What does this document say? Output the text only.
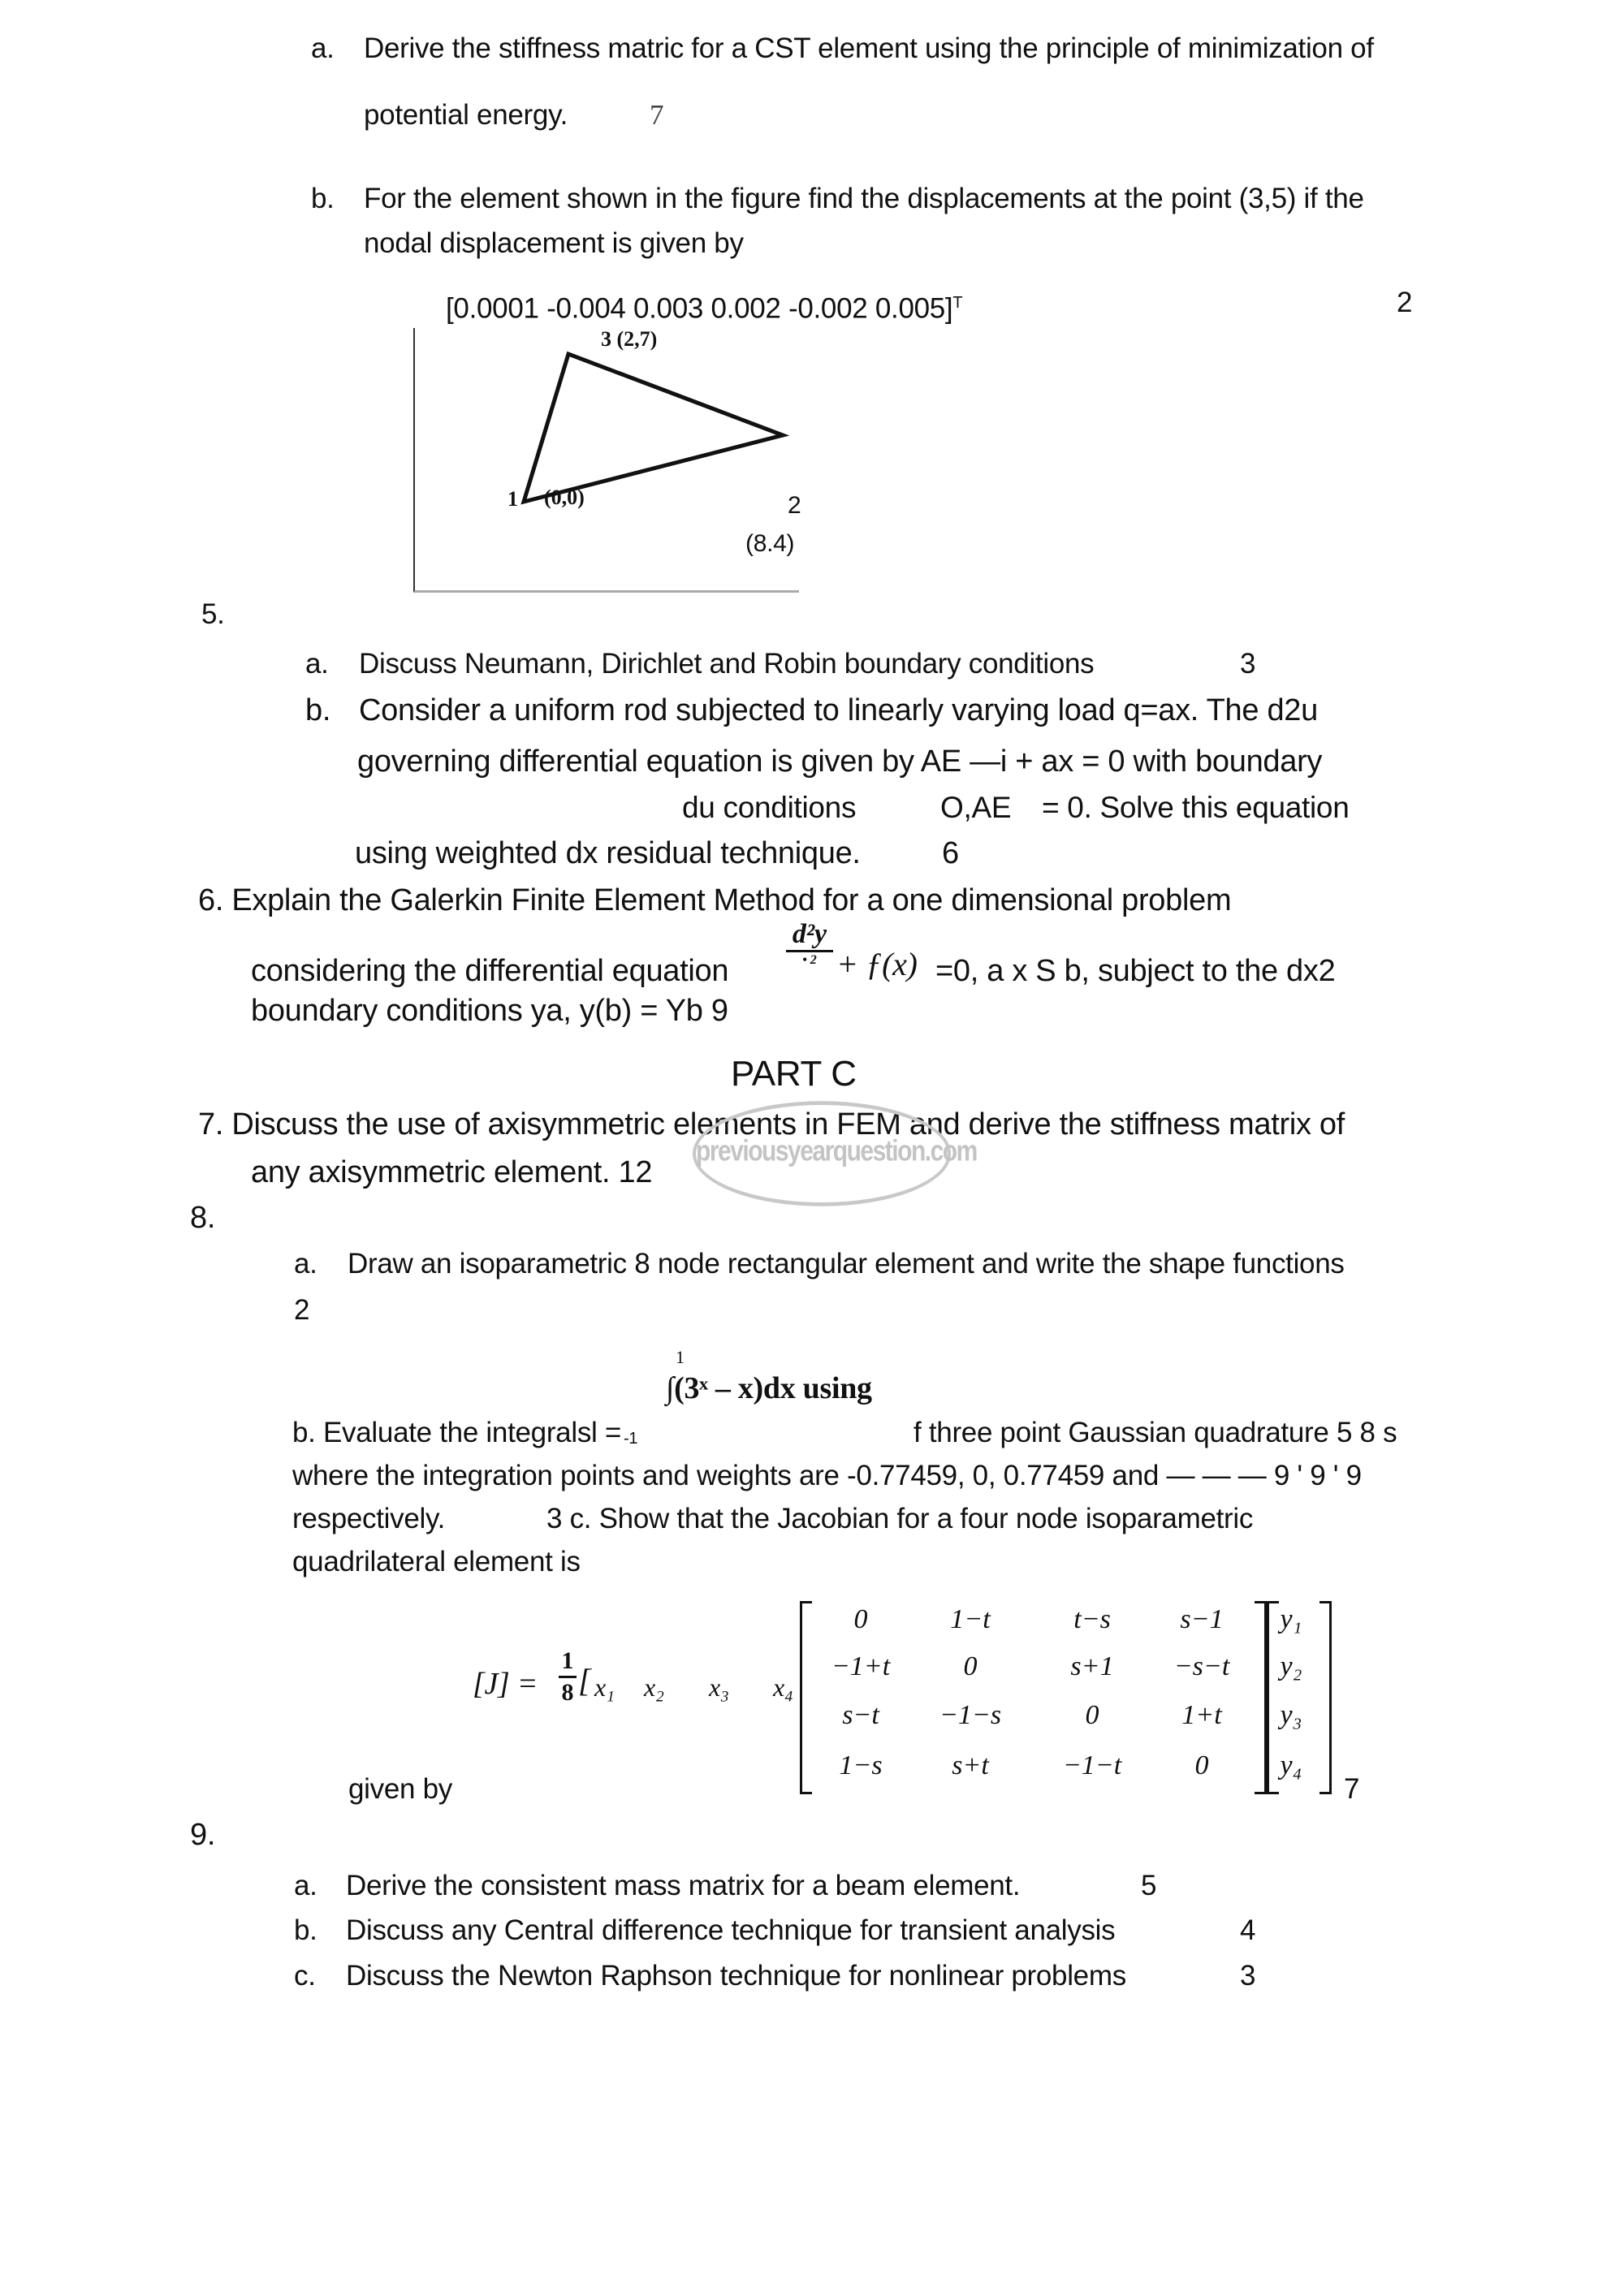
a. Derive the stiffness matric for a CST element using the principle of minimization of
potential energy.	7
b. For the element shown in the figure find the displacements at the point (3,5) if the
nodal displacement is given by
[0.0001 -0.004 0.003 0.002 -0.002 0.005]$^T$	2
3 (2,7)
1 (0,0)	2
(8.4)
5.
a. Discuss Neumann, Dirichlet and Robin boundary conditions	3
b. Consider a uniform rod subjected to linearly varying load q=ax. The d2u
governing differential equation is given by AE —i + ax = 0 with boundary
du conditions	O,AE = 0. Solve this equation
using weighted dx residual technique.	6
6. Explain the Galerkin Finite Element Method for a one dimensional problem
considering the differential equation
d²y
• 2 + ƒ(x) =0, a x S b, subject to the dx2
boundary conditions ya, y(b) = Yb 9
PART C
7. Discuss the use of axisymmetric elements in FEM and derive the stiffness matrix of
any axisymmetric element. 12
previousyearquestion.com
8.
a. Draw an isoparametric 8 node rectangular element and write the shape functions
2
1
∫(3ˣ – x)dx using
b. Evaluate the integralsl = -1	f three point Gaussian quadrature 5 8 s
where the integration points and weights are -0.77459, 0, 0.77459 and — — — 9 ' 9 ' 9
respectively.	3 c. Show that the Jacobian for a four node isoparametric
quadrilateral element is
$[J] = \frac{1}{8}$ [ x₁ x₂ x₃ x₄
0	1−t	t−s	s−1
−1+t	0	s+1	−s−t
s−t	−1−s	0	1+t
1−s	s+t	−1−t	0
y₁
y₂
y₃
y₄
7
given by
9.
a. Derive the consistent mass matrix for a beam element.	5
b. Discuss any Central difference technique for transient analysis	4
c. Discuss the Newton Raphson technique for nonlinear problems	3
